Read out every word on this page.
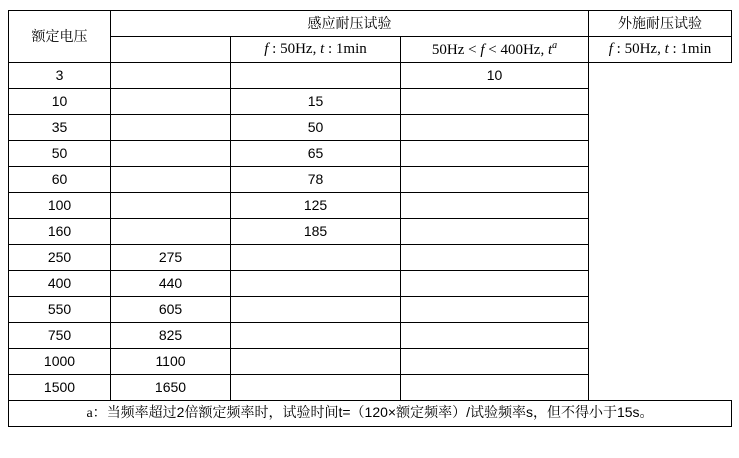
额定电压	感应耐压试验			外施耐压试验
		f : 50Hz, t : 1min	50Hz < f < 400Hz, $t^a$	f : 50Hz, t : 1min
3			10	
10		15		
35		50		
50		65		
60		78		
100		125		
160		185		
250	275			
400	440			
550	605			
750	825			
1000	1100			
1500	1650			
a：当频率超过2倍额定频率时，试验时间t=（120×额定频率）/试验频率s，但不得小于15s。				
